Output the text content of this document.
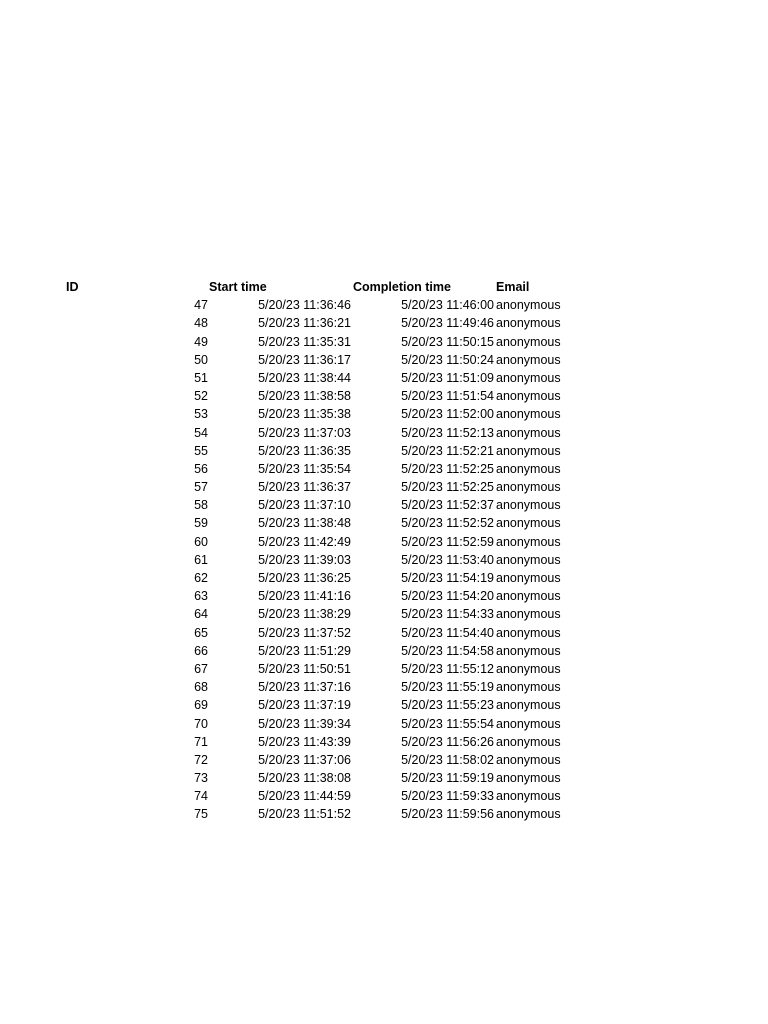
ID	Start time	Completion time	Email
47	5/20/23 11:36:46	5/20/23 11:46:00 anonymous
48	5/20/23 11:36:21	5/20/23 11:49:46 anonymous
49	5/20/23 11:35:31	5/20/23 11:50:15 anonymous
50	5/20/23 11:36:17	5/20/23 11:50:24 anonymous
51	5/20/23 11:38:44	5/20/23 11:51:09 anonymous
52	5/20/23 11:38:58	5/20/23 11:51:54 anonymous
53	5/20/23 11:35:38	5/20/23 11:52:00 anonymous
54	5/20/23 11:37:03	5/20/23 11:52:13 anonymous
55	5/20/23 11:36:35	5/20/23 11:52:21 anonymous
56	5/20/23 11:35:54	5/20/23 11:52:25 anonymous
57	5/20/23 11:36:37	5/20/23 11:52:25 anonymous
58	5/20/23 11:37:10	5/20/23 11:52:37 anonymous
59	5/20/23 11:38:48	5/20/23 11:52:52 anonymous
60	5/20/23 11:42:49	5/20/23 11:52:59 anonymous
61	5/20/23 11:39:03	5/20/23 11:53:40 anonymous
62	5/20/23 11:36:25	5/20/23 11:54:19 anonymous
63	5/20/23 11:41:16	5/20/23 11:54:20 anonymous
64	5/20/23 11:38:29	5/20/23 11:54:33 anonymous
65	5/20/23 11:37:52	5/20/23 11:54:40 anonymous
66	5/20/23 11:51:29	5/20/23 11:54:58 anonymous
67	5/20/23 11:50:51	5/20/23 11:55:12 anonymous
68	5/20/23 11:37:16	5/20/23 11:55:19 anonymous
69	5/20/23 11:37:19	5/20/23 11:55:23 anonymous
70	5/20/23 11:39:34	5/20/23 11:55:54 anonymous
71	5/20/23 11:43:39	5/20/23 11:56:26 anonymous
72	5/20/23 11:37:06	5/20/23 11:58:02 anonymous
73	5/20/23 11:38:08	5/20/23 11:59:19 anonymous
74	5/20/23 11:44:59	5/20/23 11:59:33 anonymous
75	5/20/23 11:51:52	5/20/23 11:59:56 anonymous
